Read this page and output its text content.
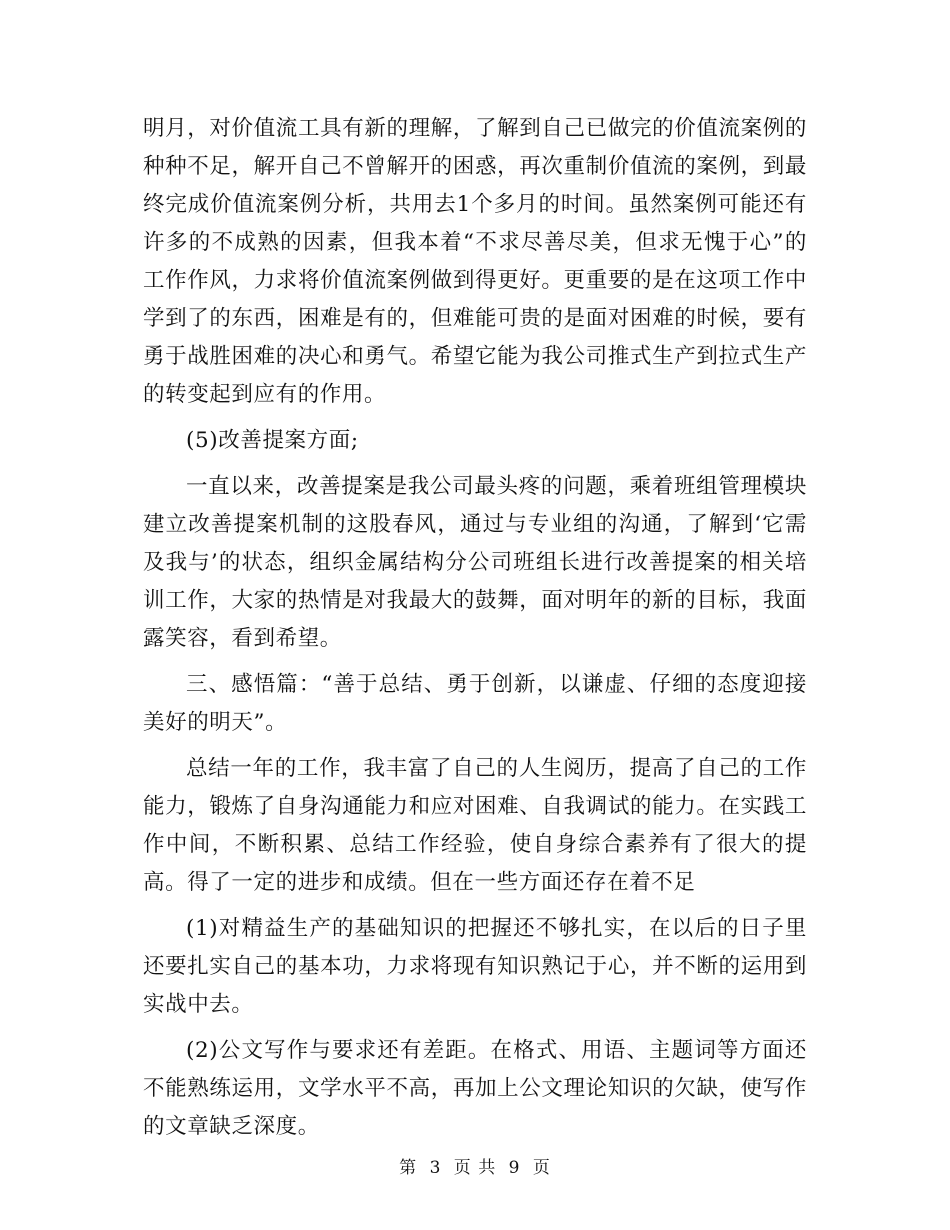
明月，对价值流工具有新的理解，了解到自己已做完的价值流案例的种种不足，解开自己不曾解开的困惑，再次重制价值流的案例，到最终完成价值流案例分析，共用去1个多月的时间。虽然案例可能还有许多的不成熟的因素，但我本着“不求尽善尽美，但求无愧于心”的工作作风，力求将价值流案例做到得更好。更重要的是在这项工作中学到了的东西，困难是有的，但难能可贵的是面对困难的时候，要有勇于战胜困难的决心和勇气。希望它能为我公司推式生产到拉式生产的转变起到应有的作用。

(5)改善提案方面;

一直以来，改善提案是我公司最头疼的问题，乘着班组管理模块建立改善提案机制的这股春风，通过与专业组的沟通，了解到‘它需及我与’的状态，组织金属结构分公司班组长进行改善提案的相关培训工作，大家的热情是对我最大的鼓舞，面对明年的新的目标，我面露笑容，看到希望。

三、感悟篇：“善于总结、勇于创新，以谦虚、仔细的态度迎接美好的明天”。

总结一年的工作，我丰富了自己的人生阅历，提高了自己的工作能力，锻炼了自身沟通能力和应对困难、自我调试的能力。在实践工作中间，不断积累、总结工作经验，使自身综合素养有了很大的提高。得了一定的进步和成绩。但在一些方面还存在着不足

(1)对精益生产的基础知识的把握还不够扎实，在以后的日子里还要扎实自己的基本功，力求将现有知识熟记于心，并不断的运用到实战中去。

(2)公文写作与要求还有差距。在格式、用语、主题词等方面还不能熟练运用，文学水平不高，再加上公文理论知识的欠缺，使写作的文章缺乏深度。

第 3 页 共 9 页
